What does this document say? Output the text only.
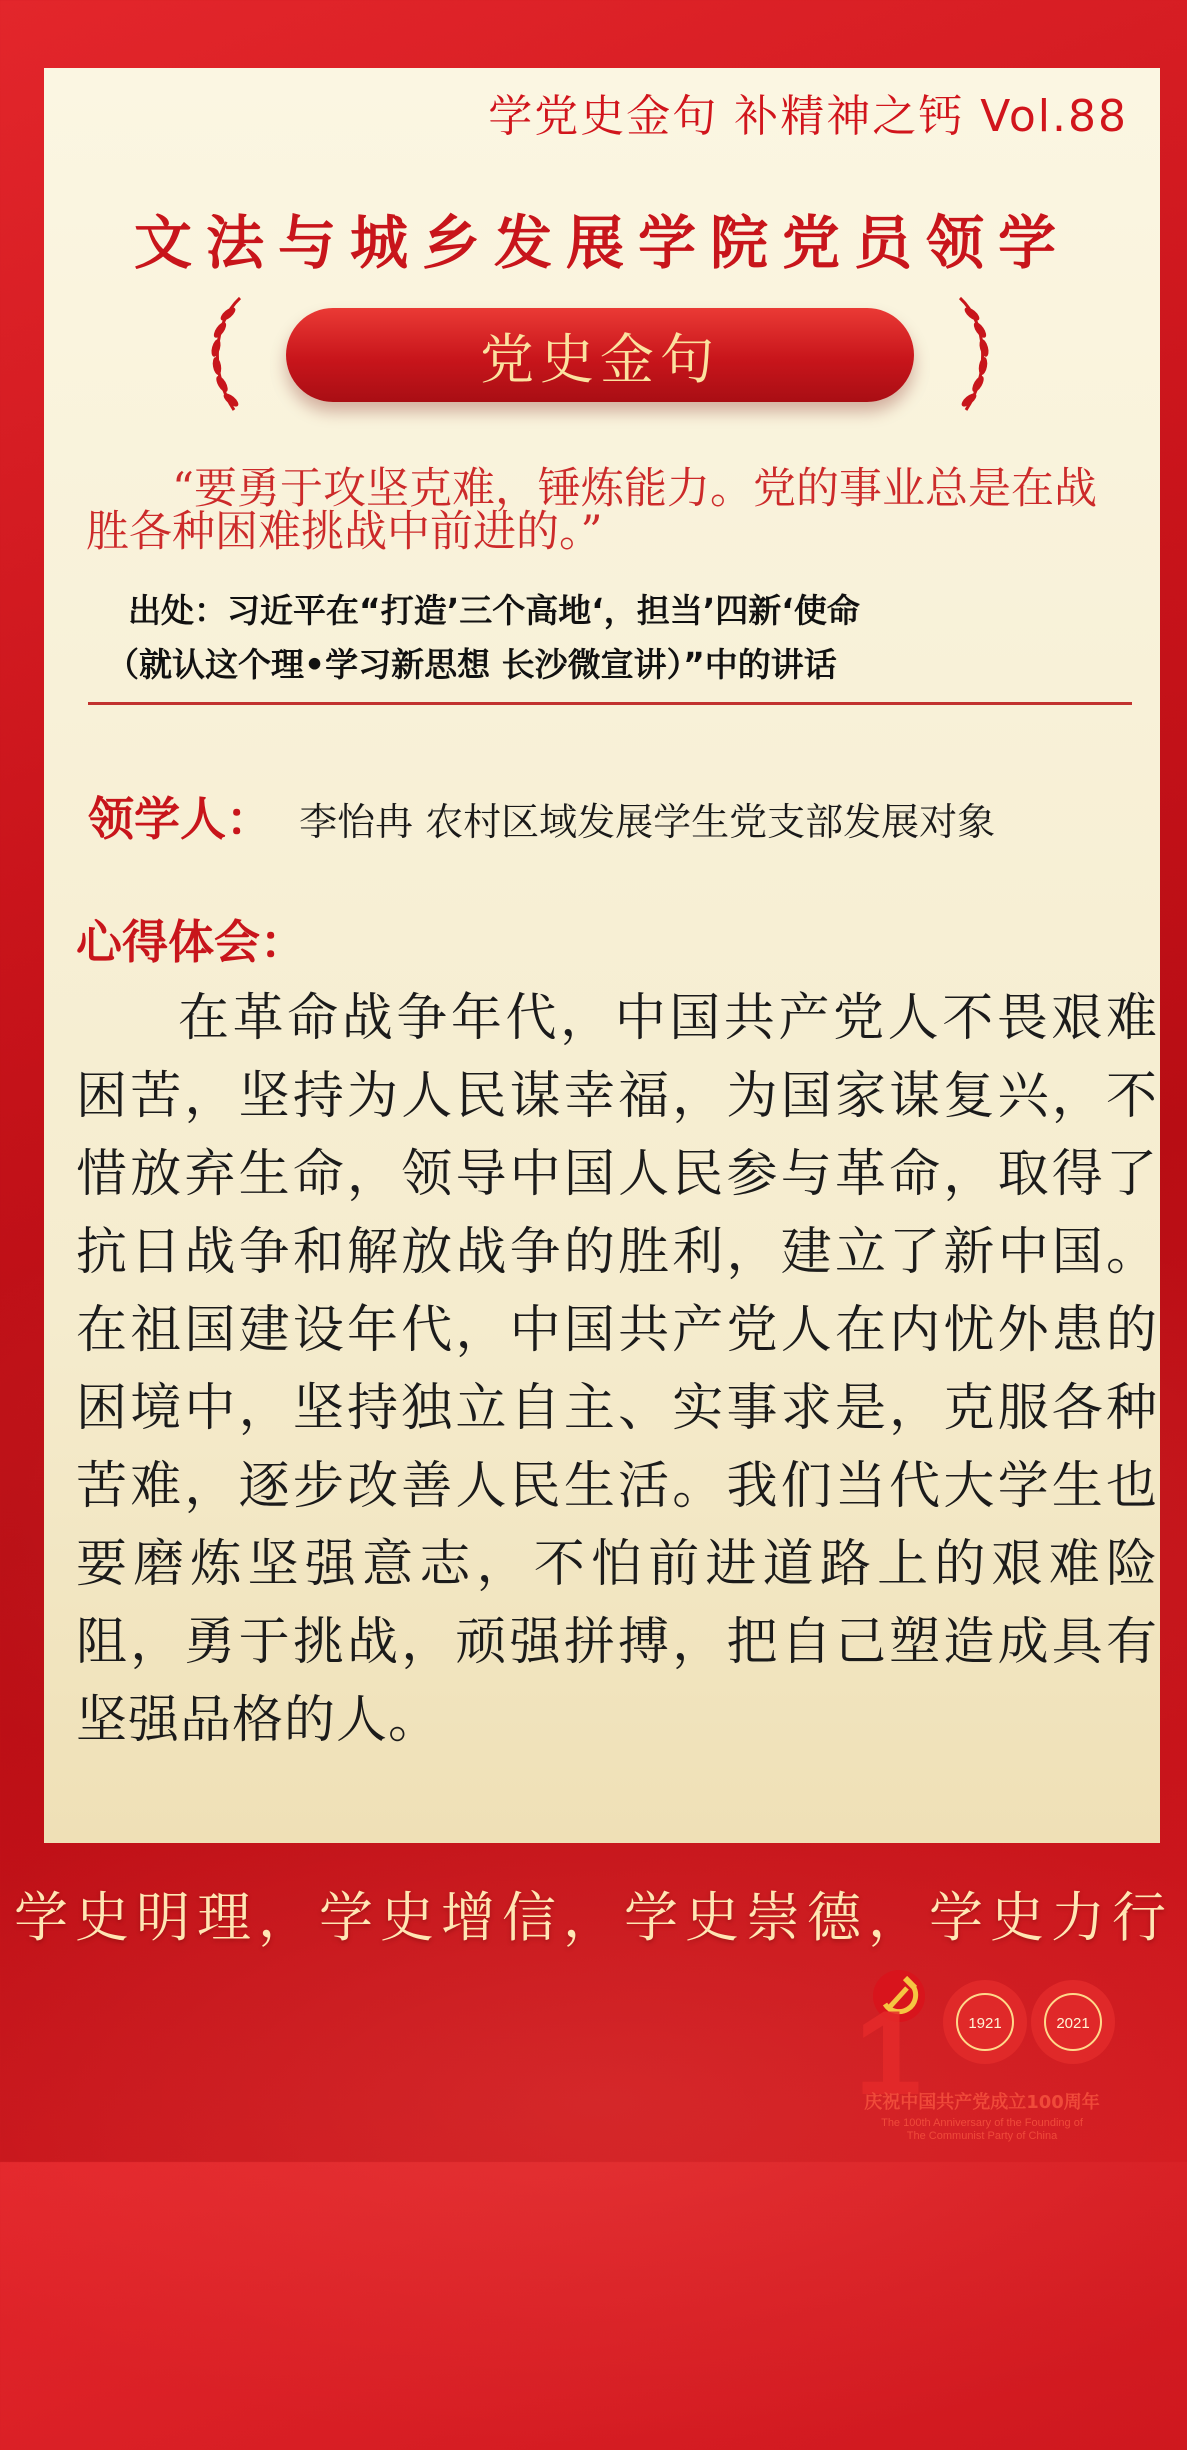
学党史金句 补精神之钙 Vol.88
文法与城乡发展学院党员领学
党史金句

“要勇于攻坚克难，锤炼能力。党的事业总是在战胜各种困难挑战中前进的。”

出处：习近平在“打造’三个高地‘，担当’四新‘使命
（就认这个理•学习新思想 长沙微宣讲）”中的讲话
领学人： 李怡冉 农村区域发展学生党支部发展对象
心得体会：

在革命战争年代，中国共产党人不畏艰难困苦，坚持为人民谋幸福，为国家谋复兴，不惜放弃生命，领导中国人民参与革命，取得了抗日战争和解放战争的胜利，建立了新中国。在祖国建设年代，中国共产党人在内忧外患的困境中，坚持独立自主、实事求是，克服各种苦难，逐步改善人民生活。我们当代大学生也要磨炼坚强意志，不怕前进道路上的艰难险阻，勇于挑战，顽强拼搏，把自己塑造成具有坚强品格的人。

学史明理，学史增信，学史崇德，学史力行
1	1921	2021
庆祝中国共产党成立100周年
The 100th Anniversary of the Founding of
The Communist Party of China
